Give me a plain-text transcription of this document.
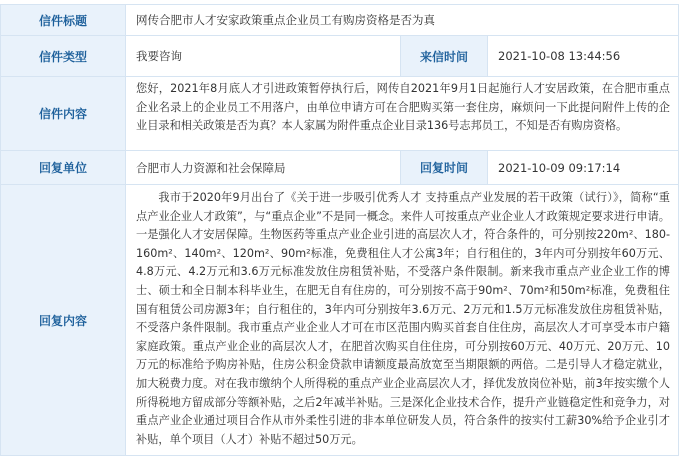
信件标题	网传合肥市人才安家政策重点企业员工有购房资格是否为真
信件类型	我要咨询	来信时间	2021-10-08 13:44:56
信件内容
您好，2021年8月底人才引进政策暂停执行后，网传自2021年9月1日起施行人才安居政策，在合肥市重点企业名录上的企业员工不用落户，由单位申请方可在合肥购买第一套住房，麻烦问一下此提问附件上传的企业目录和相关政策是否为真？本人家属为附件重点企业目录136号志邦员工，不知是否有购房资格。
回复单位	合肥市人力资源和社会保障局	回复时间	2021-10-09 09:17:14
回复内容
我市于2020年9月出台了《关于进一步吸引优秀人才 支持重点产业发展的若干政策（试行）》，简称“重点产业企业人才政策”，与“重点企业”不是同一概念。来件人可按重点产业企业人才政策规定要求进行申请。一是强化人才安居保障。生物医药等重点产业企业引进的高层次人才，符合条件的，可分别按220m²、180-160m²、140m²、120m²、90m²标准，免费租住人才公寓3年；自行租住的，3年内可分别按年60万元、4.8万元、4.2万元和3.6万元标准发放住房租赁补贴，不受落户条件限制。新来我市重点产业企业工作的博士、硕士和全日制本科毕业生，在肥无自有住房的，可分别按不高于90m²、70m²和50m²标准，免费租住国有租赁公司房源3年；自行租住的，3年内可分别按年3.6万元、2万元和1.5万元标准发放住房租赁补贴，不受落户条件限制。我市重点产业企业人才可在市区范围内购买首套自住住房，高层次人才可享受本市户籍家庭政策。重点产业企业的高层次人才，在肥首次购买自住住房，可分别按60万元、40万元、20万元、10万元的标准给予购房补贴，住房公积金贷款申请额度最高放宽至当期限额的两倍。二是引导人才稳定就业，加大税费力度。对在我市缴纳个人所得税的重点产业企业高层次人才，择优发放岗位补贴，前3年按实缴个人所得税地方留成部分等额补贴，之后2年减半补贴。三是深化企业技术合作，提升产业链稳定性和竞争力，对重点产业企业通过项目合作从市外柔性引进的非本单位研发人员，符合条件的按实付工薪30%给予企业引才补贴，单个项目（人才）补贴不超过50万元。
